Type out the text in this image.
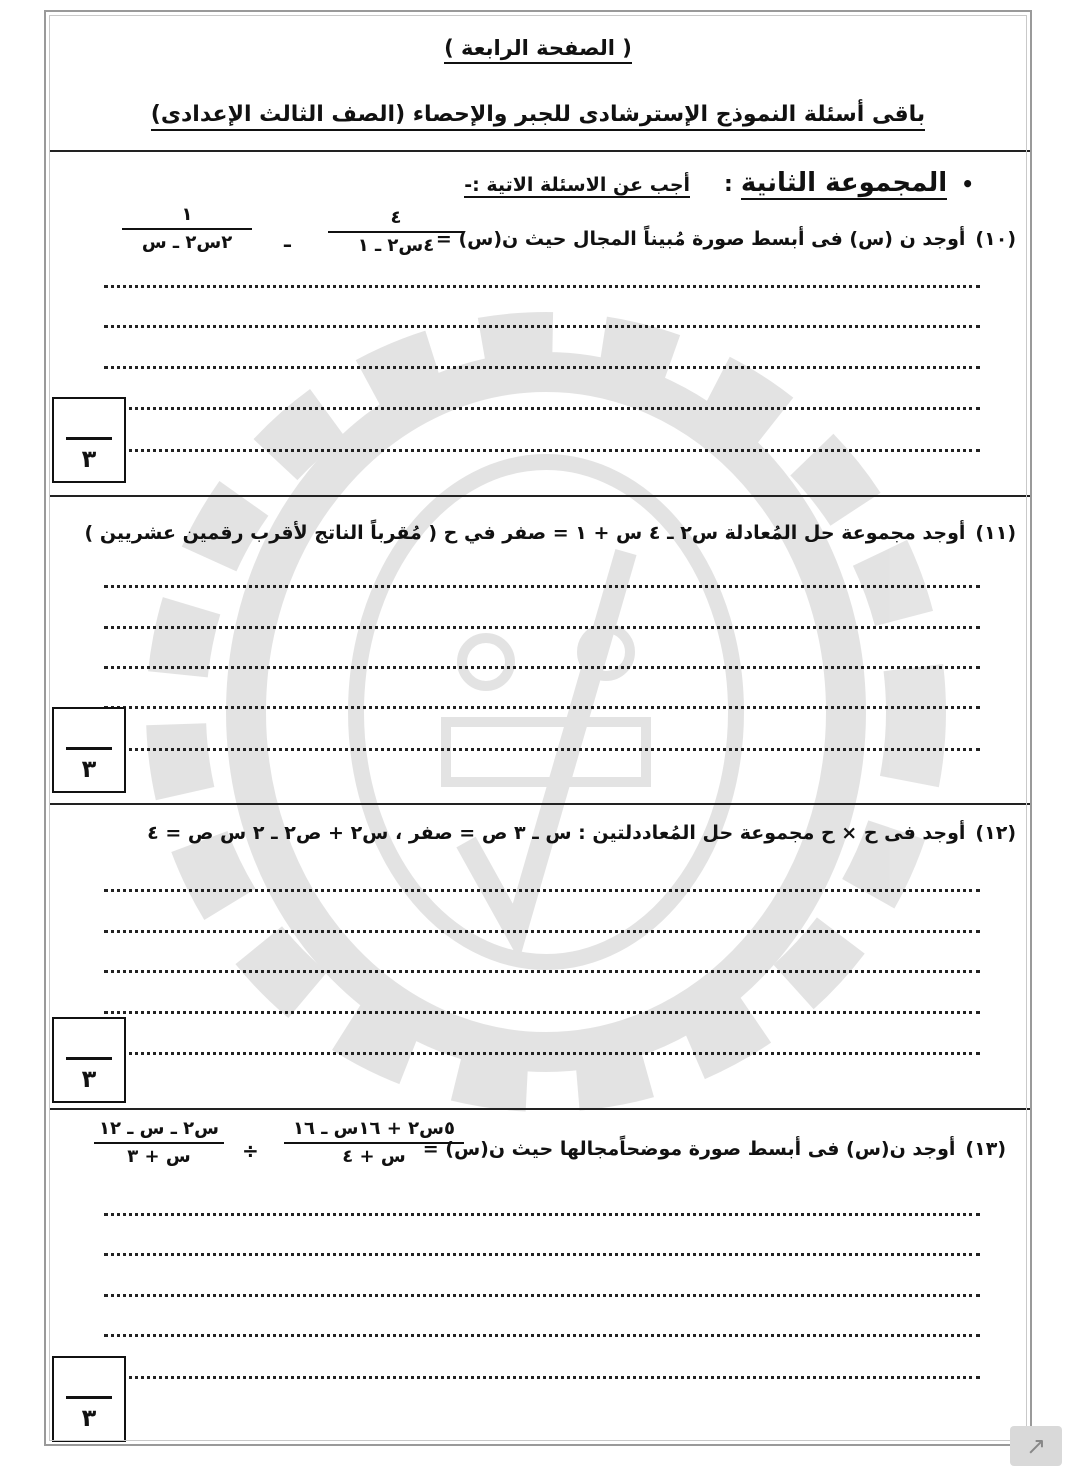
( الصفحة الرابعة )
باقى أسئلة النموذج الإسترشادى للجبر والإحصاء (الصف الثالث الإعدادى)
•المجموعة الثانية:أجب عن الاسئلة الاتية :-
(١٠)أوجد ن (س) فى أبسط صورة مُبيناً المجال حيث ن(س) =
٤
٤س٢ ـ ١
ـ
١
٢س٢ ـ س
٣
(١١)أوجد مجموعة حل المُعادلة س٢ ـ ٤ س + ١ = صفر في ح ( مُقرباً الناتج لأقرب رقمين عشريين )
٣
(١٢)أوجد فى ح × ح مجموعة حل المُعاددلتين : س ـ ٣ ص = صفر ، س٢ + ص٢ ـ ٢ س ص = ٤
٣
(١٣)أوجد ن(س) فى أبسط صورة موضحاًمجالها حيث ن(س) =
٥س٢ + ١٦س ـ ١٦
س + ٤
÷
س٢ ـ س ـ ١٢
س + ٣
٣
↗
